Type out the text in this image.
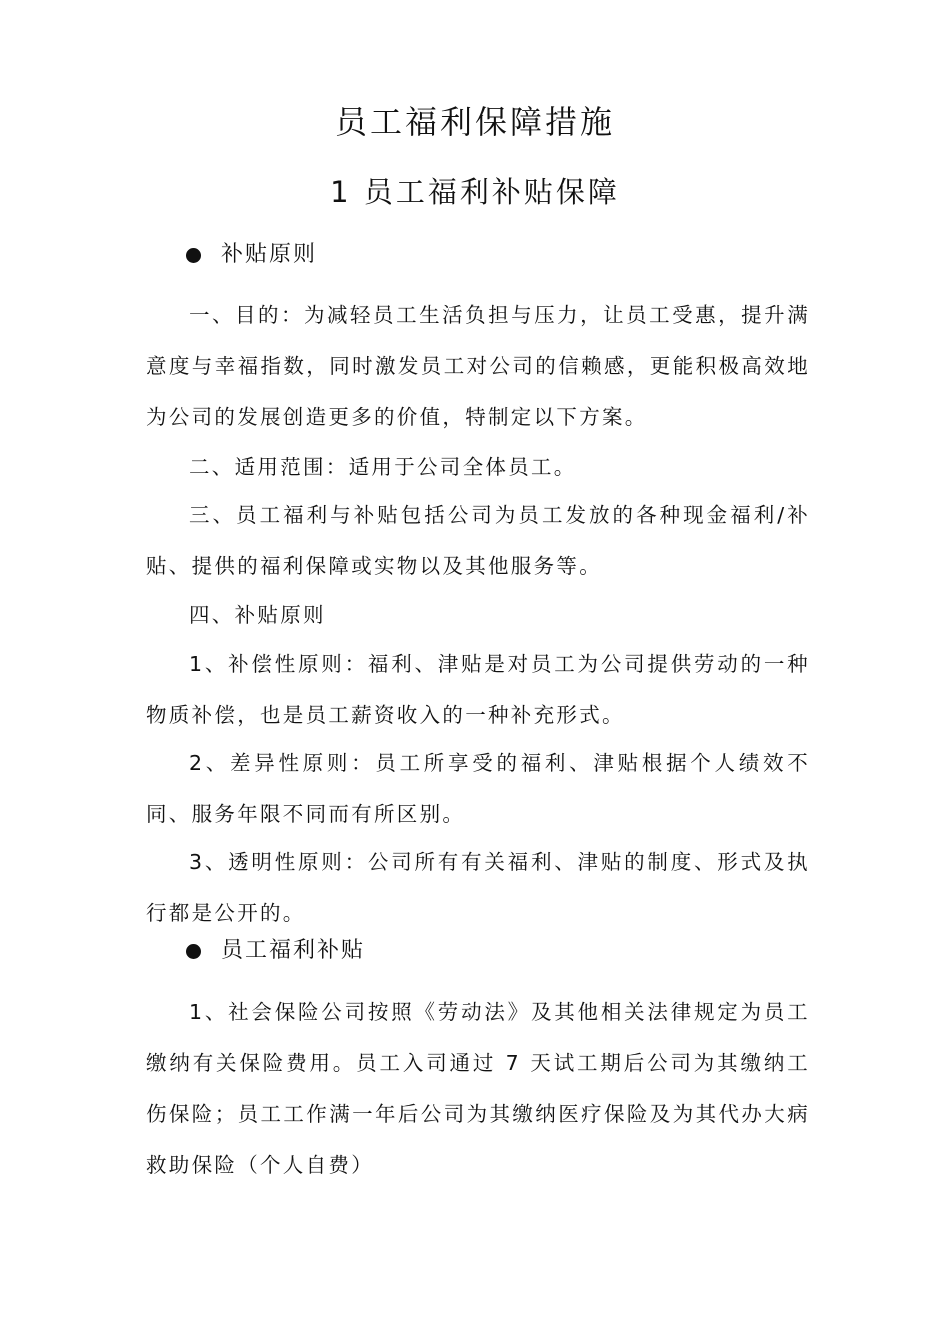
员工福利保障措施
1 员工福利补贴保障
补贴原则

一、目的：为减轻员工生活负担与压力，让员工受惠，提升满意度与幸福指数，同时激发员工对公司的信赖感，更能积极高效地为公司的发展创造更多的价值，特制定以下方案。

二、适用范围：适用于公司全体员工。

三、员工福利与补贴包括公司为员工发放的各种现金福利/补贴、提供的福利保障或实物以及其他服务等。

四、补贴原则

1、补偿性原则：福利、津贴是对员工为公司提供劳动的一种物质补偿，也是员工薪资收入的一种补充形式。

2、差异性原则：员工所享受的福利、津贴根据个人绩效不同、服务年限不同而有所区别。

3、透明性原则：公司所有有关福利、津贴的制度、形式及执行都是公开的。

员工福利补贴

1、社会保险公司按照《劳动法》及其他相关法律规定为员工缴纳有关保险费用。员工入司通过 7 天试工期后公司为其缴纳工伤保险；员工工作满一年后公司为其缴纳医疗保险及为其代办大病救助保险（个人自费）
